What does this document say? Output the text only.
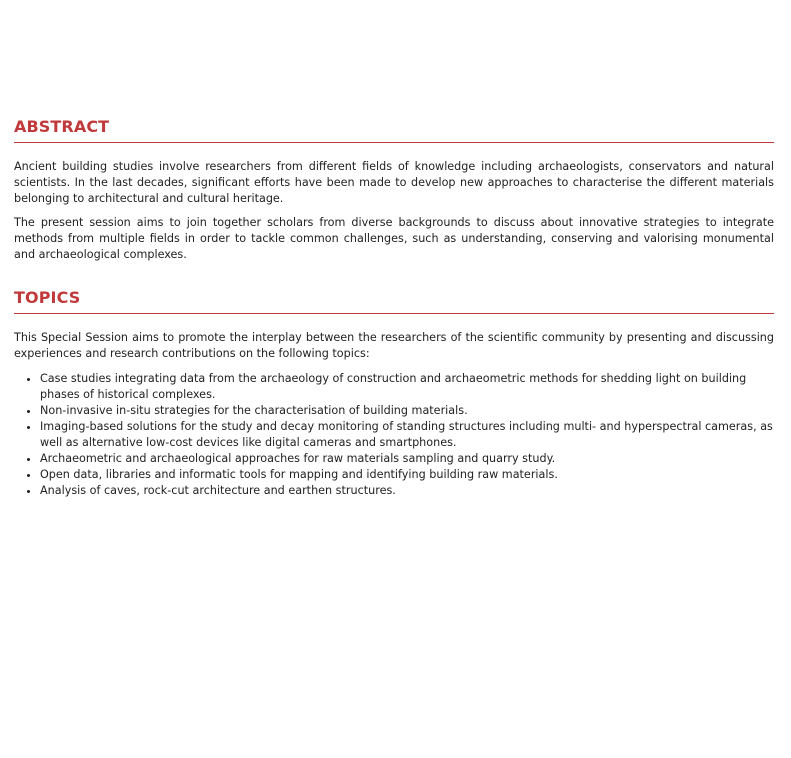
ABSTRACT

Ancient building studies involve researchers from different fields of knowledge including archaeologists, conservators and natural scientists. In the last decades, significant efforts have been made to develop new approaches to characterise the different materials belonging to architectural and cultural heritage.

The present session aims to join together scholars from diverse backgrounds to discuss about innovative strategies to integrate methods from multiple fields in order to tackle common challenges, such as understanding, conserving and valorising monumental and archaeological complexes.

TOPICS

This Special Session aims to promote the interplay between the researchers of the scientific community by presenting and discussing experiences and research contributions on the following topics:

• Case studies integrating data from the archaeology of construction and archaeometric methods for shedding light on building phases of historical complexes.
• Non-invasive in-situ strategies for the characterisation of building materials.
• Imaging-based solutions for the study and decay monitoring of standing structures including multi- and hyperspectral cameras, as well as alternative low-cost devices like digital cameras and smartphones.
• Archaeometric and archaeological approaches for raw materials sampling and quarry study.
• Open data, libraries and informatic tools for mapping and identifying building raw materials.
• Analysis of caves, rock-cut architecture and earthen structures.
